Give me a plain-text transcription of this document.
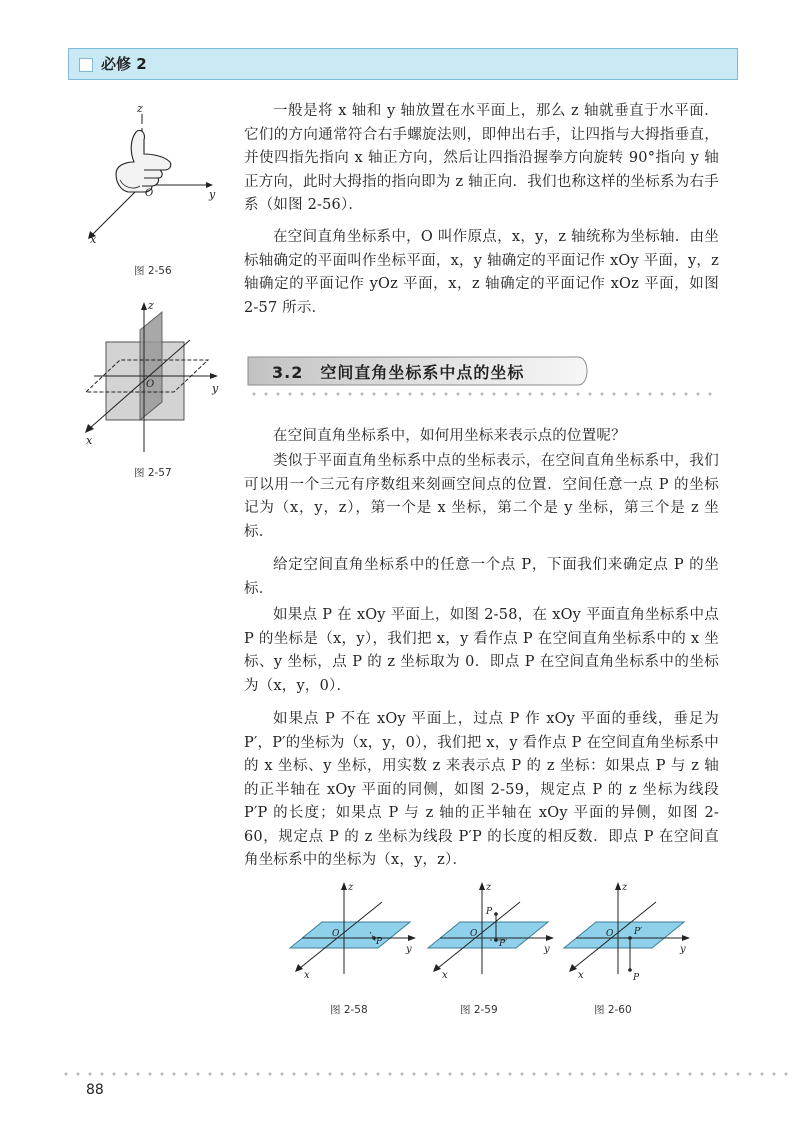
必修 2
z
y
x
O
图 2-56
z
y
x
O
图 2-57
一般是将 x 轴和 y 轴放置在水平面上，那么 z 轴就垂直于水平面．它们的方向通常符合右手螺旋法则，即伸出右手，让四指与大拇指垂直，并使四指先指向 x 轴正方向，然后让四指沿握拳方向旋转 90°指向 y 轴正方向，此时大拇指的指向即为 z 轴正向．我们也称这样的坐标系为右手系（如图 2-56）．
在空间直角坐标系中，O 叫作原点，x，y，z 轴统称为坐标轴．由坐标轴确定的平面叫作坐标平面，x，y 轴确定的平面记作 xOy 平面，y，z 轴确定的平面记作 yOz 平面，x，z 轴确定的平面记作 xOz 平面，如图 2-57 所示．
3.2　空间直角坐标系中点的坐标
在空间直角坐标系中，如何用坐标来表示点的位置呢？
类似于平面直角坐标系中点的坐标表示，在空间直角坐标系中，我们可以用一个三元有序数组来刻画空间点的位置．空间任意一点 P 的坐标记为（x，y，z），第一个是 x 坐标，第二个是 y 坐标，第三个是 z 坐标．
给定空间直角坐标系中的任意一个点 P，下面我们来确定点 P 的坐标．
如果点 P 在 xOy 平面上，如图 2-58，在 xOy 平面直角坐标系中点 P 的坐标是（x，y），我们把 x，y 看作点 P 在空间直角坐标系中的 x 坐标、y 坐标，点 P 的 z 坐标取为 0．即点 P 在空间直角坐标系中的坐标为（x，y，0）．
如果点 P 不在 xOy 平面上，过点 P 作 xOy 平面的垂线，垂足为 P′，P′的坐标为（x，y，0），我们把 x，y 看作点 P 在空间直角坐标系中的 x 坐标、y 坐标，用实数 z 来表示点 P 的 z 坐标：如果点 P 与 z 轴的正半轴在 xOy 平面的同侧，如图 2-59，规定点 P 的 z 坐标为线段 P′P 的长度；如果点 P 与 z 轴的正半轴在 xOy 平面的异侧，如图 2-60，规定点 P 的 z 坐标为线段 P′P 的长度的相反数．即点 P 在空间直角坐标系中的坐标为（x，y，z）．
z
y
x
O
P
图 2-58
z
y
x
O
P
P′
图 2-59
z
y
x
O
P
P′
图 2-60
88
